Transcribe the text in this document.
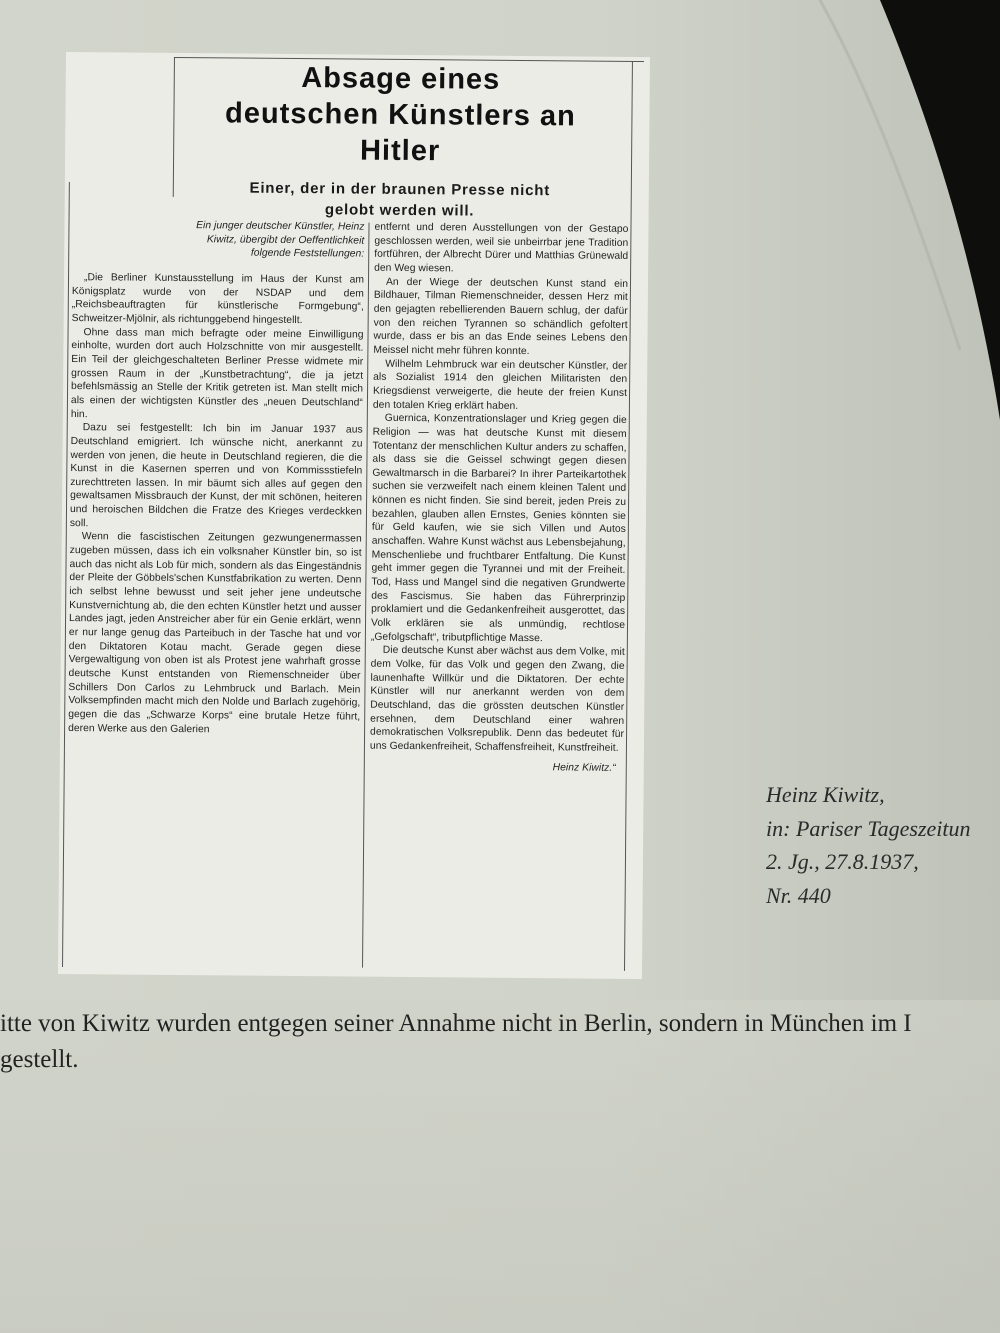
Absage eines
deutschen Künstlers an
Hitler
Einer, der in der braunen Presse nicht
gelobt werden will.

Ein junger deutscher Künstler, Heinz Kiwitz, übergibt der Oeffentlichkeit folgende Feststellungen:

„Die Berliner Kunstausstellung im Haus der Kunst am Königsplatz wurde von der NSDAP und dem „Reichsbeauftragten für künstlerische Formgebung“, Schweitzer-Mjölnir, als richtunggebend hingestellt.

Ohne dass man mich befragte oder meine Einwilligung einholte, wurden dort auch Holzschnitte von mir ausgestellt. Ein Teil der gleichgeschalteten Berliner Presse widmete mir grossen Raum in der „Kunstbetrachtung“, die ja jetzt befehlsmässig an Stelle der Kritik getreten ist. Man stellt mich als einen der wichtigsten Künstler des „neuen Deutschland“ hin.

Dazu sei festgestellt: Ich bin im Januar 1937 aus Deutschland emigriert. Ich wünsche nicht, anerkannt zu werden von jenen, die heute in Deutschland regieren, die die Kunst in die Kasernen sperren und von Kommissstiefeln zurechttreten lassen. In mir bäumt sich alles auf gegen den gewaltsamen Missbrauch der Kunst, der mit schönen, heiteren und heroischen Bildchen die Fratze des Krieges verdeckken soll.

Wenn die fascistischen Zeitungen gezwungenermassen zugeben müssen, dass ich ein volksnaher Künstler bin, so ist auch das nicht als Lob für mich, sondern als das Eingeständnis der Pleite der Göbbels'schen Kunstfabrikation zu werten. Denn ich selbst lehne bewusst und seit jeher jene undeutsche Kunstvernichtung ab, die den echten Künstler hetzt und ausser Landes jagt, jeden Anstreicher aber für ein Genie erklärt, wenn er nur lange genug das Parteibuch in der Tasche hat und vor den Diktatoren Kotau macht. Gerade gegen diese Vergewaltigung von oben ist als Protest jene wahrhaft grosse deutsche Kunst entstanden von Riemenschneider über Schillers Don Carlos zu Lehmbruck und Barlach. Mein Volksempfinden macht mich den Nolde und Barlach zugehörig, gegen die das „Schwarze Korps“ eine brutale Hetze führt, deren Werke aus den Galerien

entfernt und deren Ausstellungen von der Gestapo geschlossen werden, weil sie unbeirrbar jene Tradition fortführen, der Albrecht Dürer und Matthias Grünewald den Weg wiesen.

An der Wiege der deutschen Kunst stand ein Bildhauer, Tilman Riemenschneider, dessen Herz mit den gejagten rebellierenden Bauern schlug, der dafür von den reichen Tyrannen so schändlich gefoltert wurde, dass er bis an das Ende seines Lebens den Meissel nicht mehr führen konnte.

Wilhelm Lehmbruck war ein deutscher Künstler, der als Sozialist 1914 den gleichen Militaristen den Kriegsdienst verweigerte, die heute der freien Kunst den totalen Krieg erklärt haben.

Guernica, Konzentrationslager und Krieg gegen die Religion — was hat deutsche Kunst mit diesem Totentanz der menschlichen Kultur anders zu schaffen, als dass sie die Geissel schwingt gegen diesen Gewaltmarsch in die Barbarei? In ihrer Parteikartothek suchen sie verzweifelt nach einem kleinen Talent und können es nicht finden. Sie sind bereit, jeden Preis zu bezahlen, glauben allen Ernstes, Genies könnten sie für Geld kaufen, wie sie sich Villen und Autos anschaffen. Wahre Kunst wächst aus Lebensbejahung, Menschenliebe und fruchtbarer Entfaltung. Die Kunst geht immer gegen die Tyrannei und mit der Freiheit. Tod, Hass und Mangel sind die negativen Grundwerte des Fascismus. Sie haben das Führerprinzip proklamiert und die Gedankenfreiheit ausgerottet, das Volk erklären sie als unmündig, rechtlose „Gefolgschaft“, tributpflichtige Masse.

Die deutsche Kunst aber wächst aus dem Volke, mit dem Volke, für das Volk und gegen den Zwang, die launenhafte Willkür und die Diktatoren. Der echte Künstler will nur anerkannt werden von dem Deutschland, das die grössten deutschen Künstler ersehnen, dem Deutschland einer wahren demokratischen Volksrepublik. Denn das bedeutet für uns Gedankenfreiheit, Schaffensfreiheit, Kunstfreiheit.

Heinz Kiwitz.“

Heinz Kiwitz,
in: Pariser Tageszeitun
2. Jg., 27.8.1937,
Nr. 440
itte von Kiwitz wurden entgegen seiner Annahme nicht in Berlin, sondern in München im I
gestellt.
